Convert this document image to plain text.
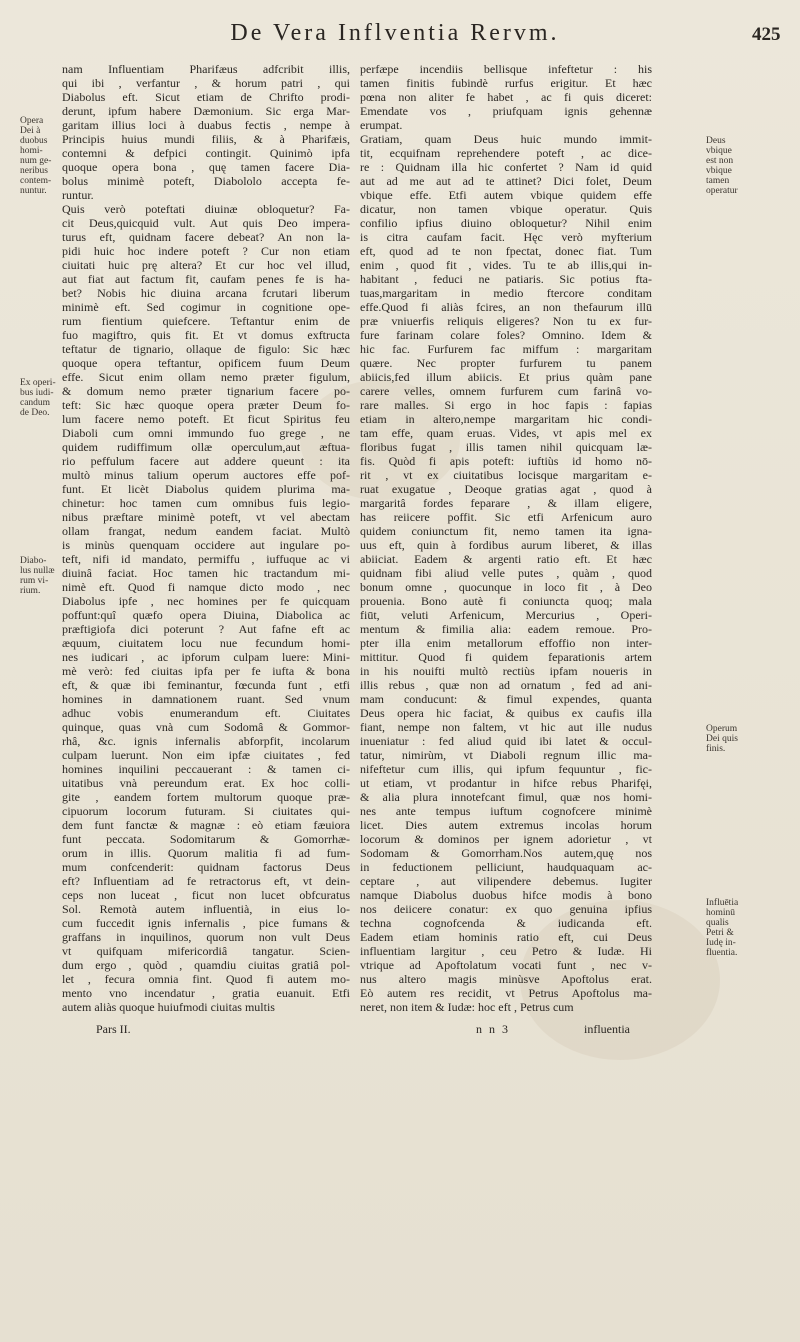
De Vera Inflventia Rervm.	425
Opera
Dei à
duobus
homi-
num ge-
neribus
contem-
nuntur.
Ex operi-
bus iudi-
candum
de Deo.
Diabo-
lus nullæ
rum vi-
rium.
Deus
vbique
est non
vbique
tamen
operatur
Operum
Dei quis
finis.
Influētia
hominū
qualis
Petri &
Iudę in-
fluentia.
nam Influentiam Pharifæus adfcribit illis,
qui ibi , verfantur , & horum patri , qui
Diabolus eft. Sicut etiam de Chrifto prodi-
derunt, ipfum habere Dæmonium. Sic erga Mar-
garitam illius loci à duabus fectis , nempe à
Principis huius mundi filiis, & à Pharifæis,
contemni & defpici contingit. Quinimò ipfa
quoque opera bona , quę tamen facere Dia-
bolus minimè poteft, Diabololo accepta fe-
runtur.
Quis verò poteftati diuinæ obloquetur? Fa-
cit Deus,quicquid vult. Aut quis Deo impera-
turus eft, quidnam facere debeat? An non la-
pidi huic hoc indere poteft ? Cur non etiam
ciuitati huic prę altera? Et cur hoc vel illud,
aut fiat aut factum fit, caufam penes fe is ha-
bet? Nobis hic diuina arcana fcrutari liberum
minimè eft. Sed cogimur in cognitione ope-
rum fientium quiefcere. Teftantur enim de
fuo magiftro, quis fit. Et vt domus exftructa
teftatur de tignario, ollaque de figulo: Sic hæc
quoque opera teftantur, opificem fuum Deum
effe. Sicut enim ollam nemo præter figulum,
& domum nemo præter tignarium facere po-
teft: Sic hæc quoque opera præter Deum fo-
lum facere nemo poteft. Et ficut Spiritus feu
Diaboli cum omni immundo fuo grege , ne
quidem rudiffimum ollæ operculum,aut æftua-
rio peffulum facere aut addere queunt : ita
multò minus talium operum auctores effe pof-
funt. Et licèt Diabolus quidem plurima ma-
chinetur: hoc tamen cum omnibus fuis legio-
nibus præftare minimè poteft, vt vel abectam
ollam frangat, nedum eandem faciat. Multò
is minùs quenquam occidere aut ingulare po-
teft, nifi id mandato, permiffu , iuffuque ac vi
diuinâ faciat. Hoc tamen hic tractandum mi-
nimè eft. Quod fi namque dicto modo , nec
Diabolus ipfe , nec homines per fe quicquam
poffunt:quî quæfo opera Diuina, Diabolica ac
præftigiofa dici poterunt ? Aut fafne eft ac
æquum, ciuitatem locu nue fecundum homi-
nes iudicari , ac ipforum culpam luere: Mini-
mè verò: fed ciuitas ipfa per fe iufta & bona
eft, & quæ ibi feminantur, fœcunda funt , etfi
homines in damnationem ruant. Sed vnum
adhuc vobis enumerandum eft. Ciuitates
quinque, quas vnà cum Sodomâ & Gommor-
rhâ, &c. ignis infernalis abforpfit, incolarum
culpam luerunt. Non eim ipfæ ciuitates , fed
homines inquilini peccauerant : & tamen ci-
uitatibus vnà pereundum erat. Ex hoc colli-
gite , eandem fortem multorum quoque præ-
cipuorum locorum futuram. Si ciuitates qui-
dem funt fanctæ & magnæ : eò etiam fæuiora
funt peccata. Sodomitarum & Gomorrhæ-
orum in illis. Quorum malitia fi ad fum-
mum confcenderit: quidnam factorus Deus
eft? Influentiam ad fe retractorus eft, vt dein-
ceps non luceat , ficut non lucet obfcuratus
Sol. Remotà autem influentià, in eius lo-
cum fuccedit ignis infernalis , pice fumans &
graffans in inquilinos, quorum non vult Deus
vt quifquam mifericordiâ tangatur. Scien-
dum ergo , quòd , quamdiu ciuitas gratiâ pol-
let , fecura omnia fint. Quod fi autem mo-
mento vno incendatur , gratia euanuit. Etfi
autem aliàs quoque huiufmodi ciuitas multis
perfæpe incendiis bellisque infeftetur : his
tamen finitis fubindè rurfus erigitur. Et hæc
pœna non aliter fe habet , ac fi quis diceret:
Emendate vos , priufquam ignis gehennæ
erumpat.
Gratiam, quam Deus huic mundo immit-
tit, ecquifnam reprehendere poteft , ac dice-
re : Quidnam illa hic confertet ? Nam id quid
aut ad me aut ad te attinet? Dici folet, Deum
vbique effe. Etfi autem vbique quidem effe
dicatur, non tamen vbique operatur. Quis
confilio ipfius diuino obloquetur? Nihil enim
is citra caufam facit. Hęc verò myfterium
eft, quod ad te non fpectat, donec fiat. Tum
enim , quod fit , vides. Tu te ab illis,qui in-
habitant , feduci ne patiaris. Sic potius fta-
tuas,margaritam in medio ftercore conditam
effe.Quod fi aliàs fcires, an non thefaurum illū
præ vniuerfis reliquis eligeres? Non tu ex fur-
fure farinam colare foles? Omnino. Idem &
hic fac. Furfurem fac miffum : margaritam
quære. Nec propter furfurem tu panem
abiicis,fed illum abiicis. Et prius quàm pane
carere velles, omnem furfurem cum farinâ vo-
rare malles. Si ergo in hoc fapis : fapias
etiam in altero,nempe margaritam hic condi-
tam effe, quam eruas. Vides, vt apis mel ex
floribus fugat , illis tamen nihil quicquam læ-
fis. Quòd fi apis poteft: iuftiùs id homo nō-
rit , vt ex ciuitatibus locisque margaritam e-
ruat exugatue , Deoque gratias agat , quod à
margaritâ fordes feparare , & illam eligere,
has reiicere poffit. Sic etfi Arfenicum auro
quidem coniunctum fit, nemo tamen ita igna-
uus eft, quin à fordibus aurum liberet, & illas
abiiciat. Eadem & argenti ratio eft. Et hæc
quidnam fibi aliud velle putes , quàm , quod
bonum omne , quocunque in loco fit , à Deo
prouenia. Bono autè fi coniuncta quoq; mala
fiūt, veluti Arfenicum, Mercurius , Operi-
mentum & fimilia alia: eadem remoue. Pro-
pter illa enim metallorum effoffio non inter-
mittitur. Quod fi quidem feparationis artem
in his nouifti multò rectiùs ipfam noueris in
illis rebus , quæ non ad ornatum , fed ad ani-
mam conducunt: & fimul expendes, quanta
Deus opera hic faciat, & quibus ex caufis illa
fiant, nempe non faltem, vt hic aut ille nudus
inueniatur : fed aliud quid ibi latet & occul-
tatur, nimirùm, vt Diaboli regnum illic ma-
nifeftetur cum illis, qui ipfum fequuntur , fic-
ut etiam, vt prodantur in hifce rebus Pharifęi,
& alia plura innotefcant fimul, quæ nos homi-
nes ante tempus iuftum cognofcere minimè
licet. Dies autem extremus incolas horum
locorum & dominos per ignem adorietur , vt
Sodomam & Gomorrham.Nos autem,quę nos
in feductionem pelliciunt, haudquaquam ac-
ceptare , aut vilipendere debemus. Iugiter
namque Diabolus duobus hifce modis à bono
nos deiicere conatur: ex quo genuina ipfius
techna cognofcenda & iudicanda eft.
Eadem etiam hominis ratio eft, cui Deus
influentiam largitur , ceu Petro & Iudæ. Hi
vtrique ad Apoftolatum vocati funt , nec v-
nus altero magis minùsve Apoftolus erat.
Eò autem res recidit, vt Petrus Apoftolus ma-
neret, non item & Iudæ: hoc eft , Petrus cum
Pars II.	n n 3	influentia
